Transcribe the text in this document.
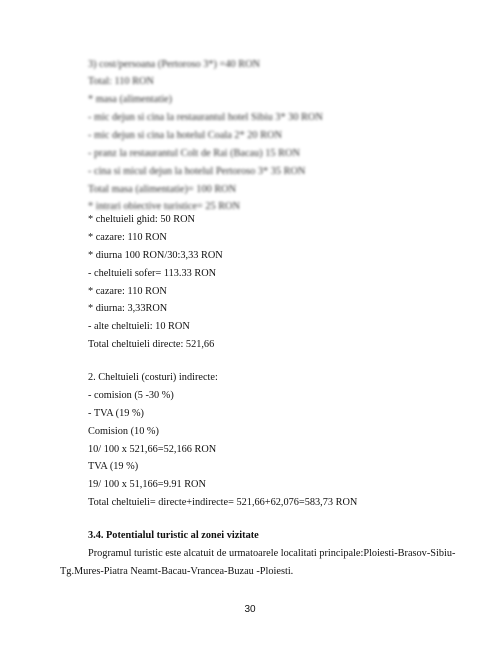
3) cost/persoana (Pertoroso 3*) =40 RON
Total: 110 RON
* masa (alimentatie)
- mic dejun si cina la restaurantul hotel Sibiu 3* 30 RON
- mic dejun si cina la hotelul Coala 2* 20 RON
- pranz la restaurantul Colt de Rai (Bacau) 15 RON
- cina si micul dejun la hotelul Pertoroso 3* 35 RON
Total masa (alimentatie)= 100 RON
* intrari obiective turistice= 25 RON
* cheltuieli ghid: 50 RON
* cazare: 110 RON
* diurna 100 RON/30:3,33 RON
- cheltuieli sofer= 113.33 RON
* cazare: 110 RON
* diurna: 3,33RON
- alte cheltuieli: 10 RON
Total cheltuieli directe: 521,66
2. Cheltuieli (costuri) indirecte:
- comision (5 -30 %)
- TVA (19 %)
Comision (10 %)
10/ 100 x 521,66=52,166 RON
TVA (19 %)
19/ 100 x 51,166=9.91 RON
Total cheltuieli= directe+indirecte= 521,66+62,076=583,73 RON
3.4. Potentialul turistic al zonei vizitate
Programul turistic este alcatuit de urmatoarele localitati principale:Ploiesti-Brasov-Sibiu-
Tg.Mures-Piatra Neamt-Bacau-Vrancea-Buzau -Ploiesti.
30
